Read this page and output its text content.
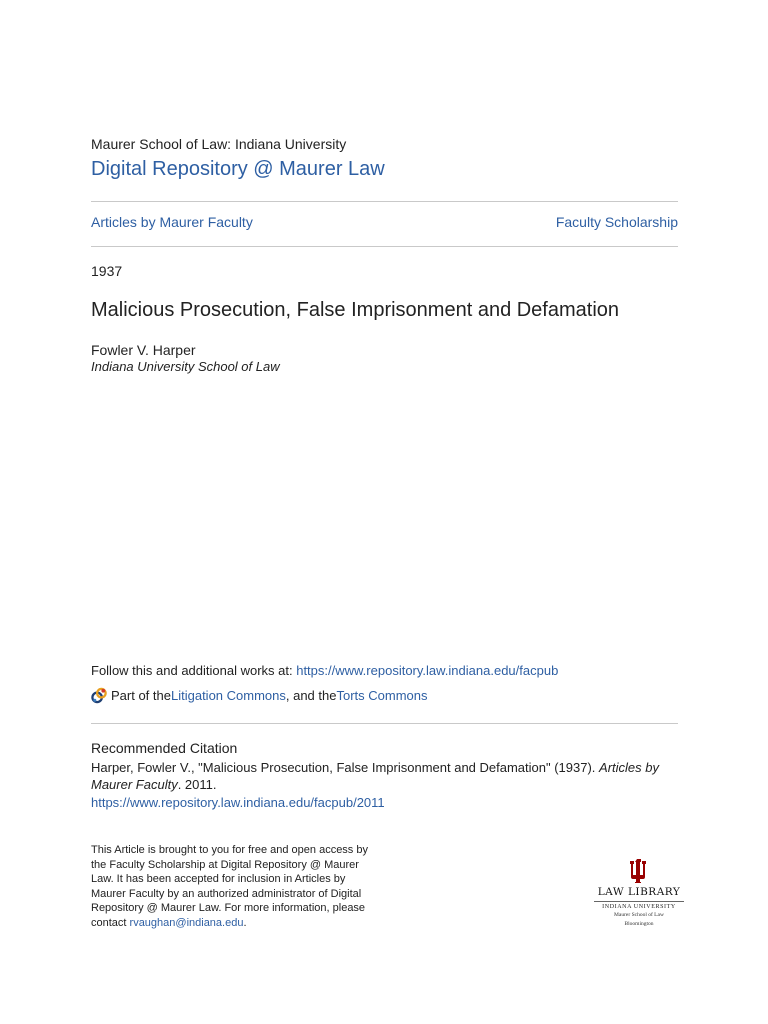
Maurer School of Law: Indiana University
Digital Repository @ Maurer Law
Articles by Maurer Faculty	Faculty Scholarship
1937
Malicious Prosecution, False Imprisonment and Defamation
Fowler V. Harper
Indiana University School of Law
Follow this and additional works at: https://www.repository.law.indiana.edu/facpub
Part of the Litigation Commons , and the Torts Commons
Recommended Citation
Harper, Fowler V., "Malicious Prosecution, False Imprisonment and Defamation" (1937). Articles by Maurer Faculty. 2011.
https://www.repository.law.indiana.edu/facpub/2011
This Article is brought to you for free and open access by the Faculty Scholarship at Digital Repository @ Maurer Law. It has been accepted for inclusion in Articles by Maurer Faculty by an authorized administrator of Digital Repository @ Maurer Law. For more information, please contact rvaughan@indiana.edu.
LAW LIBRARY
INDIANA UNIVERSITY
Maurer School of Law
Bloomington
